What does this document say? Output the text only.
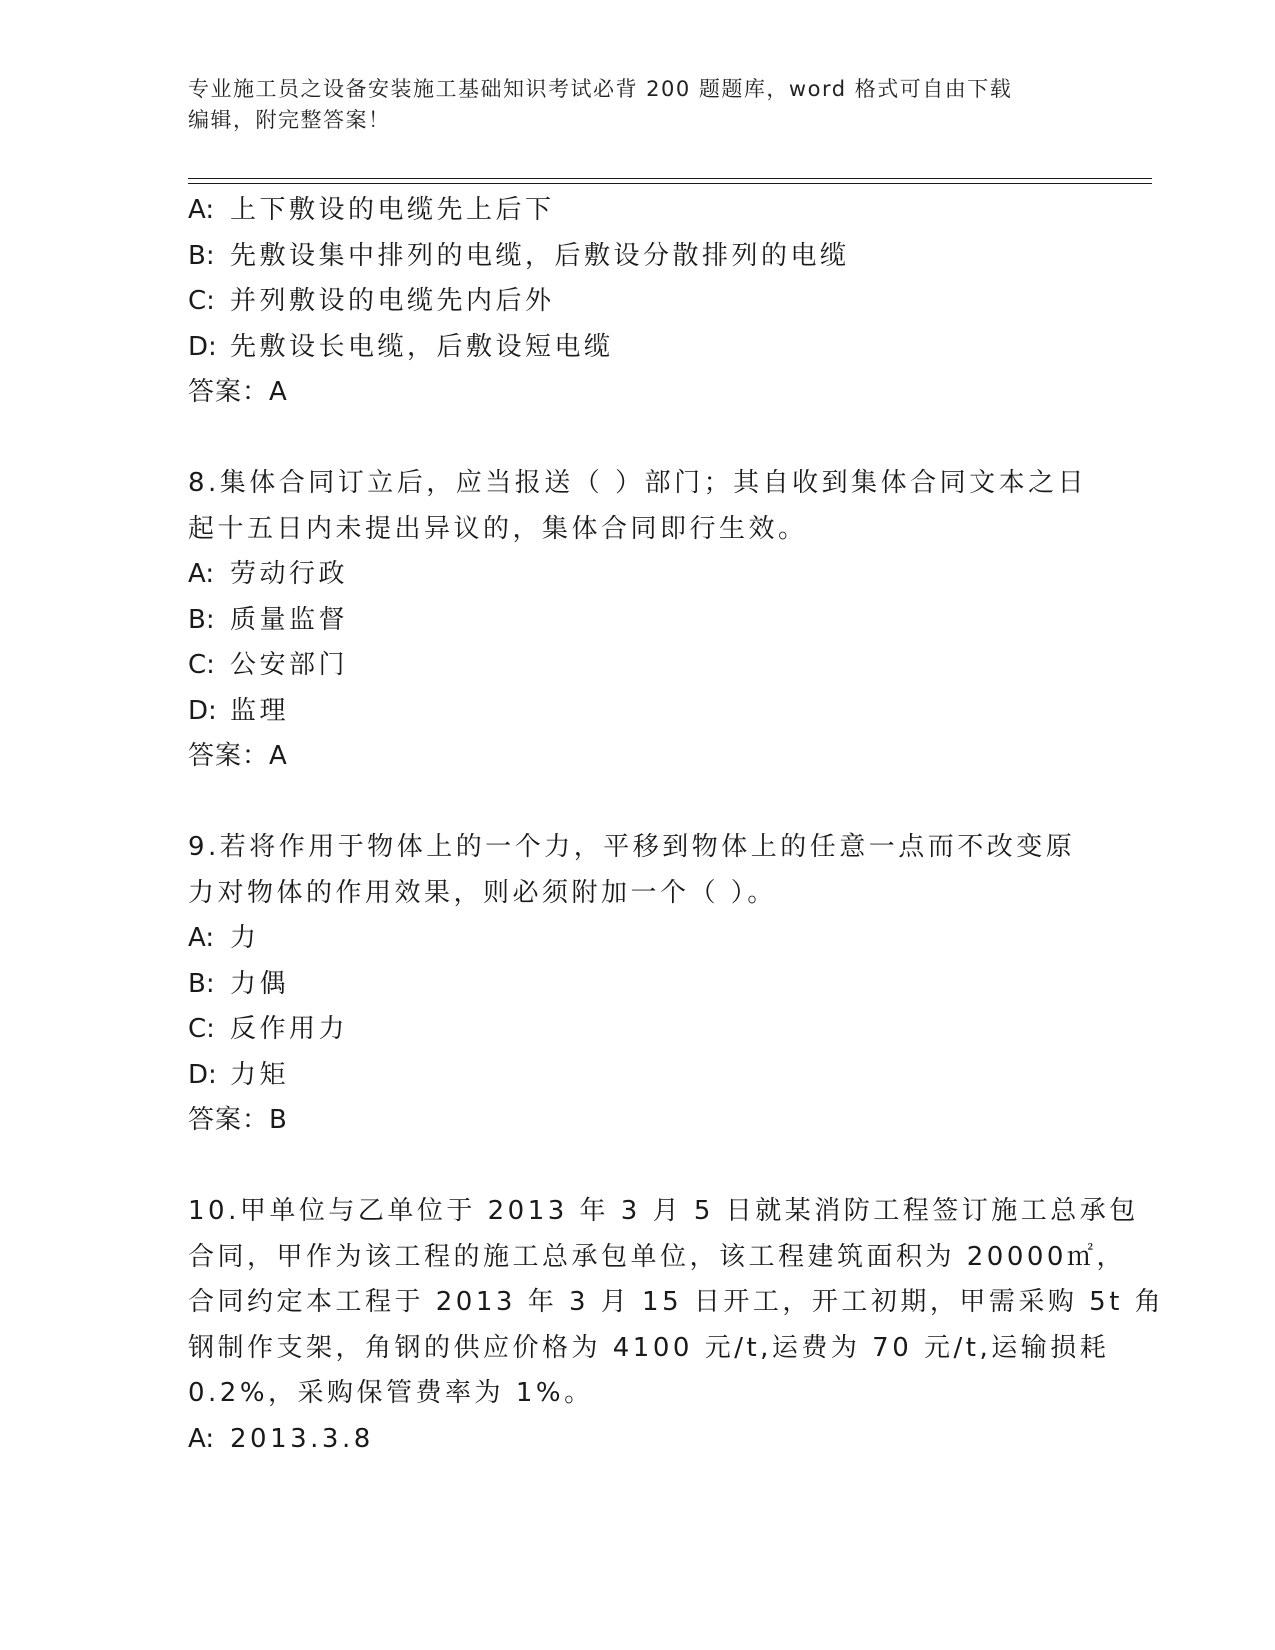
专业施工员之设备安装施工基础知识考试必背 200 题题库，word 格式可自由下载
编辑，附完整答案！
A: 上下敷设的电缆先上后下
B: 先敷设集中排列的电缆，后敷设分散排列的电缆
C: 并列敷设的电缆先内后外
D: 先敷设长电缆，后敷设短电缆
答案：A
8.集体合同订立后，应当报送（ ）部门；其自收到集体合同文本之日
起十五日内未提出异议的，集体合同即行生效。
A: 劳动行政
B: 质量监督
C: 公安部门
D: 监理
答案：A
9.若将作用于物体上的一个力，平移到物体上的任意一点而不改变原
力对物体的作用效果，则必须附加一个（ ）。
A: 力
B: 力偶
C: 反作用力
D: 力矩
答案：B
10.甲单位与乙单位于 2013 年 3 月 5 日就某消防工程签订施工总承包
合同，甲作为该工程的施工总承包单位，该工程建筑面积为 20000㎡，
合同约定本工程于 2013 年 3 月 15 日开工，开工初期，甲需采购 5t 角
钢制作支架，角钢的供应价格为 4100 元/t,运费为 70 元/t,运输损耗
0.2%，采购保管费率为 1%。
A: 2013.3.8
